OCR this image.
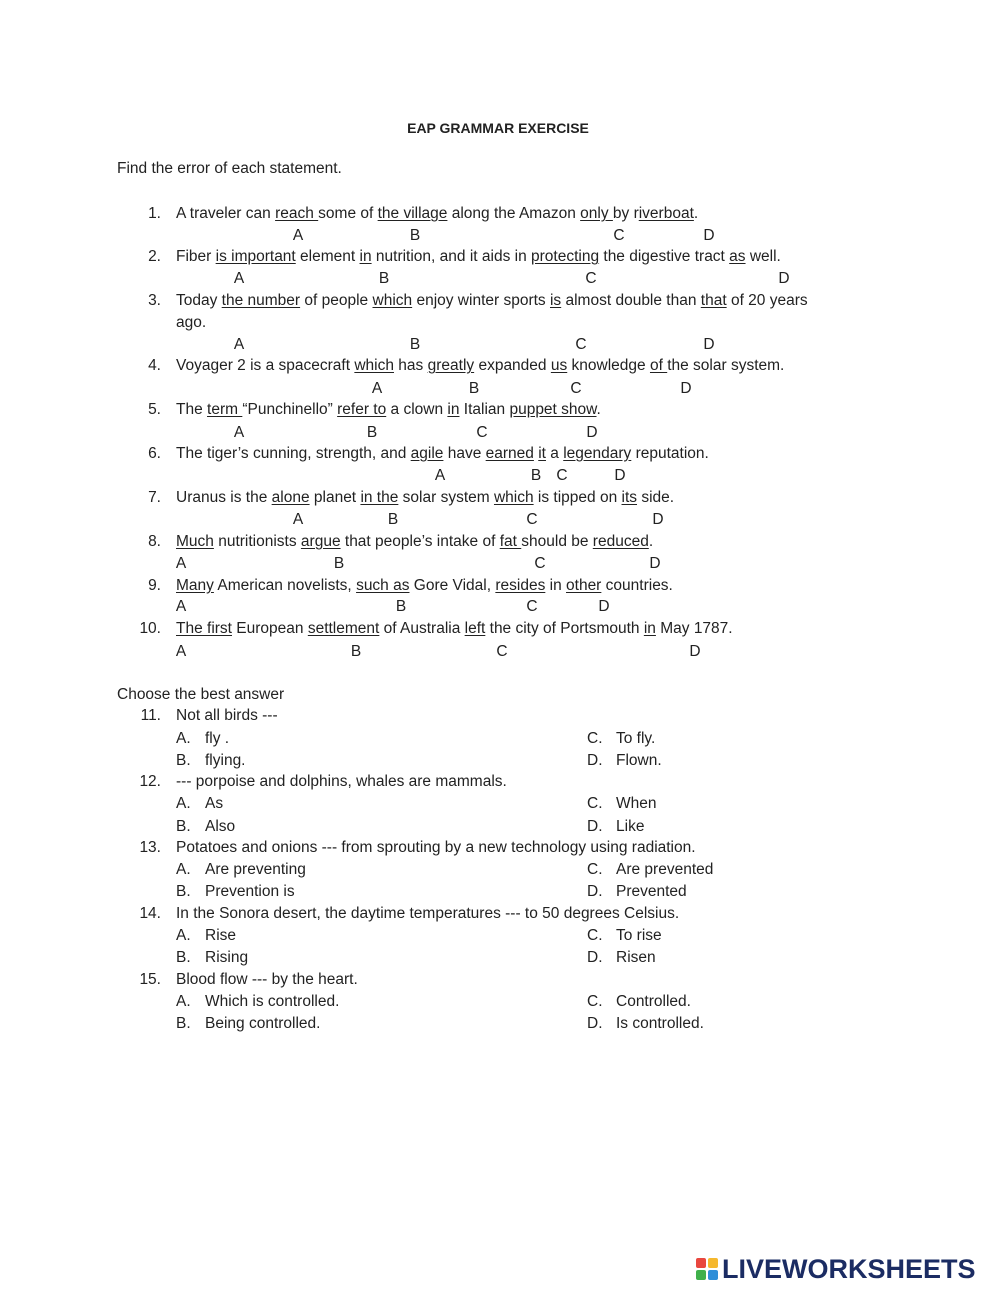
EAP GRAMMAR EXERCISE
Find the error of each statement.
1. A traveler can reach some of the village along the Amazon only by riverboat.
A	B	C	D
2. Fiber is important element in nutrition, and it aids in protecting the digestive tract as well.
A	B	C	D
3. Today the number of people which enjoy winter sports is almost double than that of 20 years
ago.
A	B	C	D
4. Voyager 2 is a spacecraft which has greatly expanded us knowledge of the solar system.
A	B	C	D
5. The term “Punchinello” refer to a clown in Italian puppet show.
A	B	C	D
6. The tiger’s cunning, strength, and agile have earned it a legendary reputation.
A	B C	D
7. Uranus is the alone planet in the solar system which is tipped on its side.
A	B	C	D
8. Much nutritionists argue that people’s intake of fat should be reduced.
A	B	C	D
9. Many American novelists, such as Gore Vidal, resides in other countries.
A	B	C	D
10. The first European settlement of Australia left the city of Portsmouth in May 1787.
A	B	C	D
Choose the best answer
11. Not all birds ---
A. fly .
B. flying.
C. To fly.
D. Flown.
12. --- porpoise and dolphins, whales are mammals.
A. As
B. Also
C. When
D. Like
13. Potatoes and onions --- from sprouting by a new technology using radiation.
A. Are preventing
B. Prevention is
C. Are prevented
D. Prevented
14. In the Sonora desert, the daytime temperatures --- to 50 degrees Celsius.
A. Rise
B. Rising
C. To rise
D. Risen
15. Blood flow --- by the heart.
A. Which is controlled.
B. Being controlled.
C. Controlled.
D. Is controlled.
LIVEWORKSHEETS
